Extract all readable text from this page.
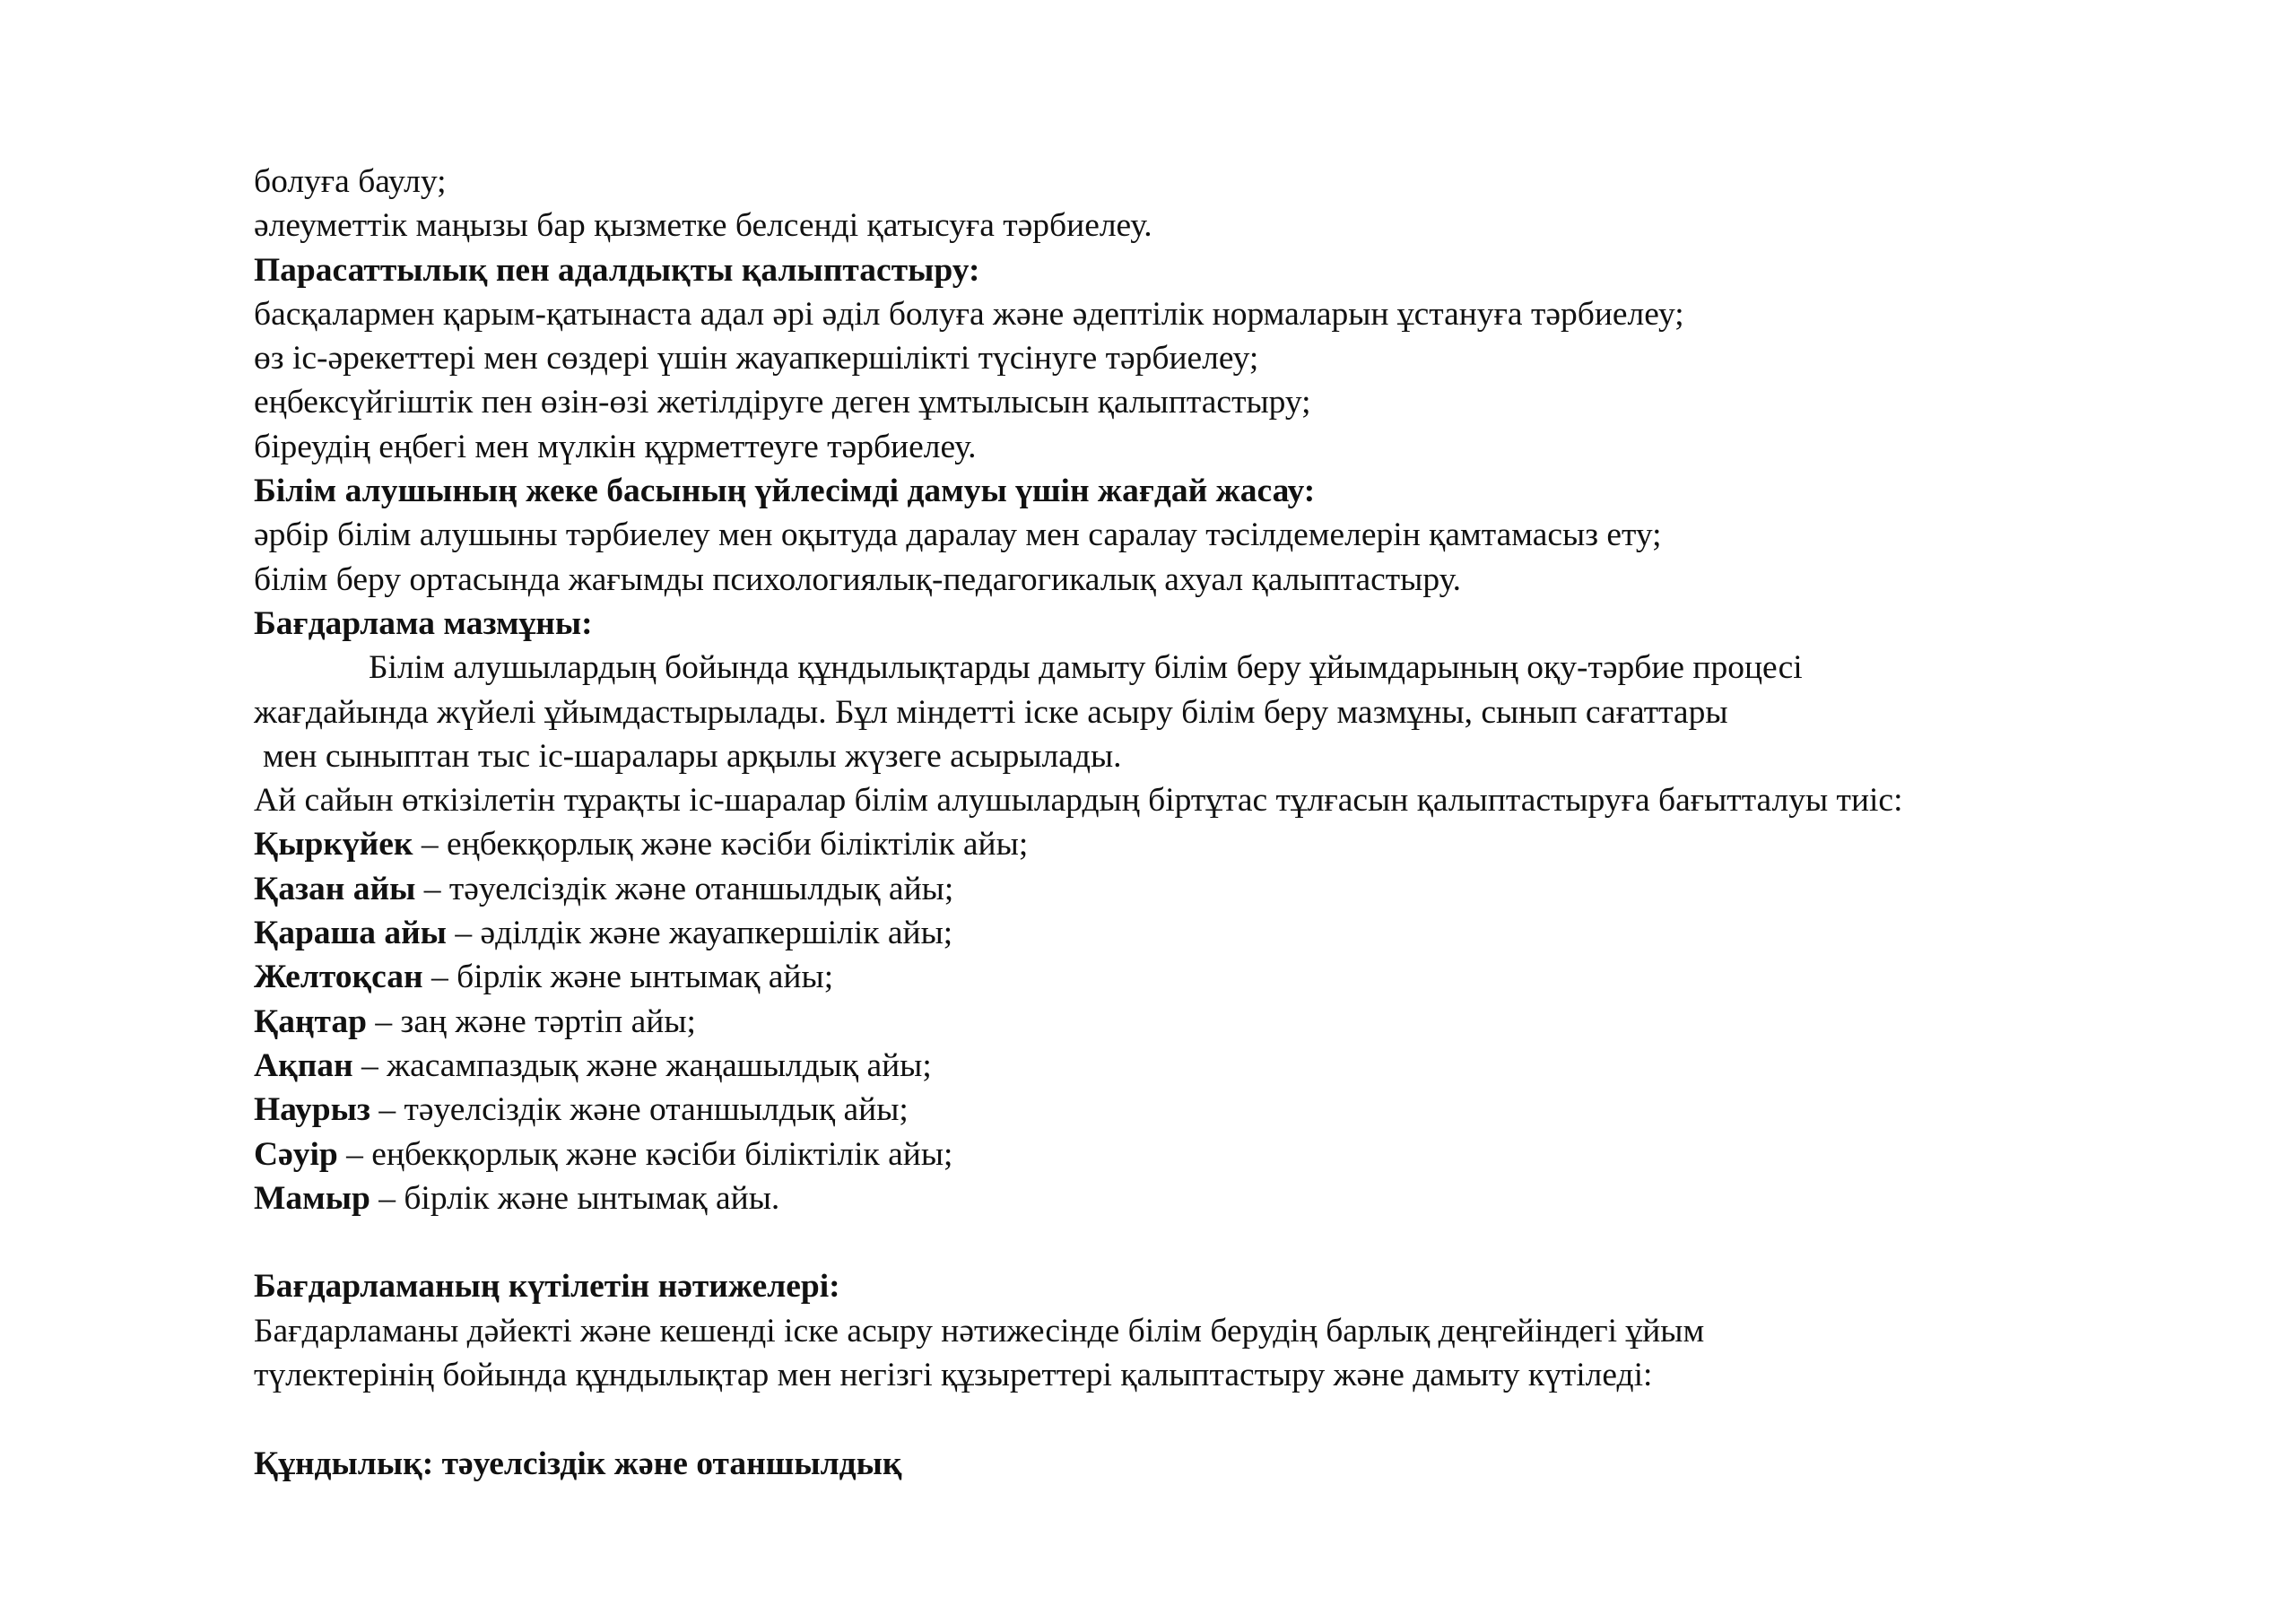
болуға баулу;
әлеуметтік маңызы бар қызметке белсенді қатысуға тәрбиелеу.
Парасаттылық пен адалдықты қалыптастыру:
басқалармен қарым-қатынаста адал әрі әділ болуға және әдептілік нормаларын ұстануға тәрбиелеу;
өз іс-әрекеттері мен сөздері үшін жауапкершілікті түсінуге тәрбиелеу;
еңбексүйгіштік пен өзін-өзі жетілдіруге деген ұмтылысын қалыптастыру;
біреудің еңбегі мен мүлкін құрметтеуге тәрбиелеу.
Білім алушының жеке басының үйлесімді дамуы үшін жағдай жасау:
әрбір білім алушыны тәрбиелеу мен оқытуда даралау мен саралау тәсілдемелерін қамтамасыз ету;
білім беру ортасында жағымды психологиялық-педагогикалық ахуал қалыптастыру.
Бағдарлама мазмұны:
Білім алушылардың бойында құндылықтарды дамыту білім беру ұйымдарының оқу-тәрбие процесі
жағдайында жүйелі ұйымдастырылады. Бұл міндетті іске асыру білім беру мазмұны, сынып сағаттары
мен сыныптан тыс іс-шаралары арқылы жүзеге асырылады.
Ай сайын өткізілетін тұрақты іс-шаралар білім алушылардың біртұтас тұлғасын қалыптастыруға бағытталуы тиіс:
Қыркүйек – еңбекқорлық және кәсіби біліктілік айы;
Қазан айы – тәуелсіздік және отаншылдық айы;
Қараша айы – әділдік және жауапкершілік айы;
Желтоқсан – бірлік және ынтымақ айы;
Қаңтар – заң және тәртіп айы;
Ақпан – жасампаздық және жаңашылдық айы;
Наурыз – тәуелсіздік және отаншылдық айы;
Сәуір – еңбекқорлық және кәсіби біліктілік айы;
Мамыр – бірлік және ынтымақ айы.
Бағдарламаның күтілетін нәтижелері:
Бағдарламаны дәйекті және кешенді іске асыру нәтижесінде білім берудің барлық деңгейіндегі ұйым
түлектерінің бойында құндылықтар мен негізгі құзыреттері қалыптастыру және дамыту күтіледі:
Құндылық: тәуелсіздік және отаншылдық
